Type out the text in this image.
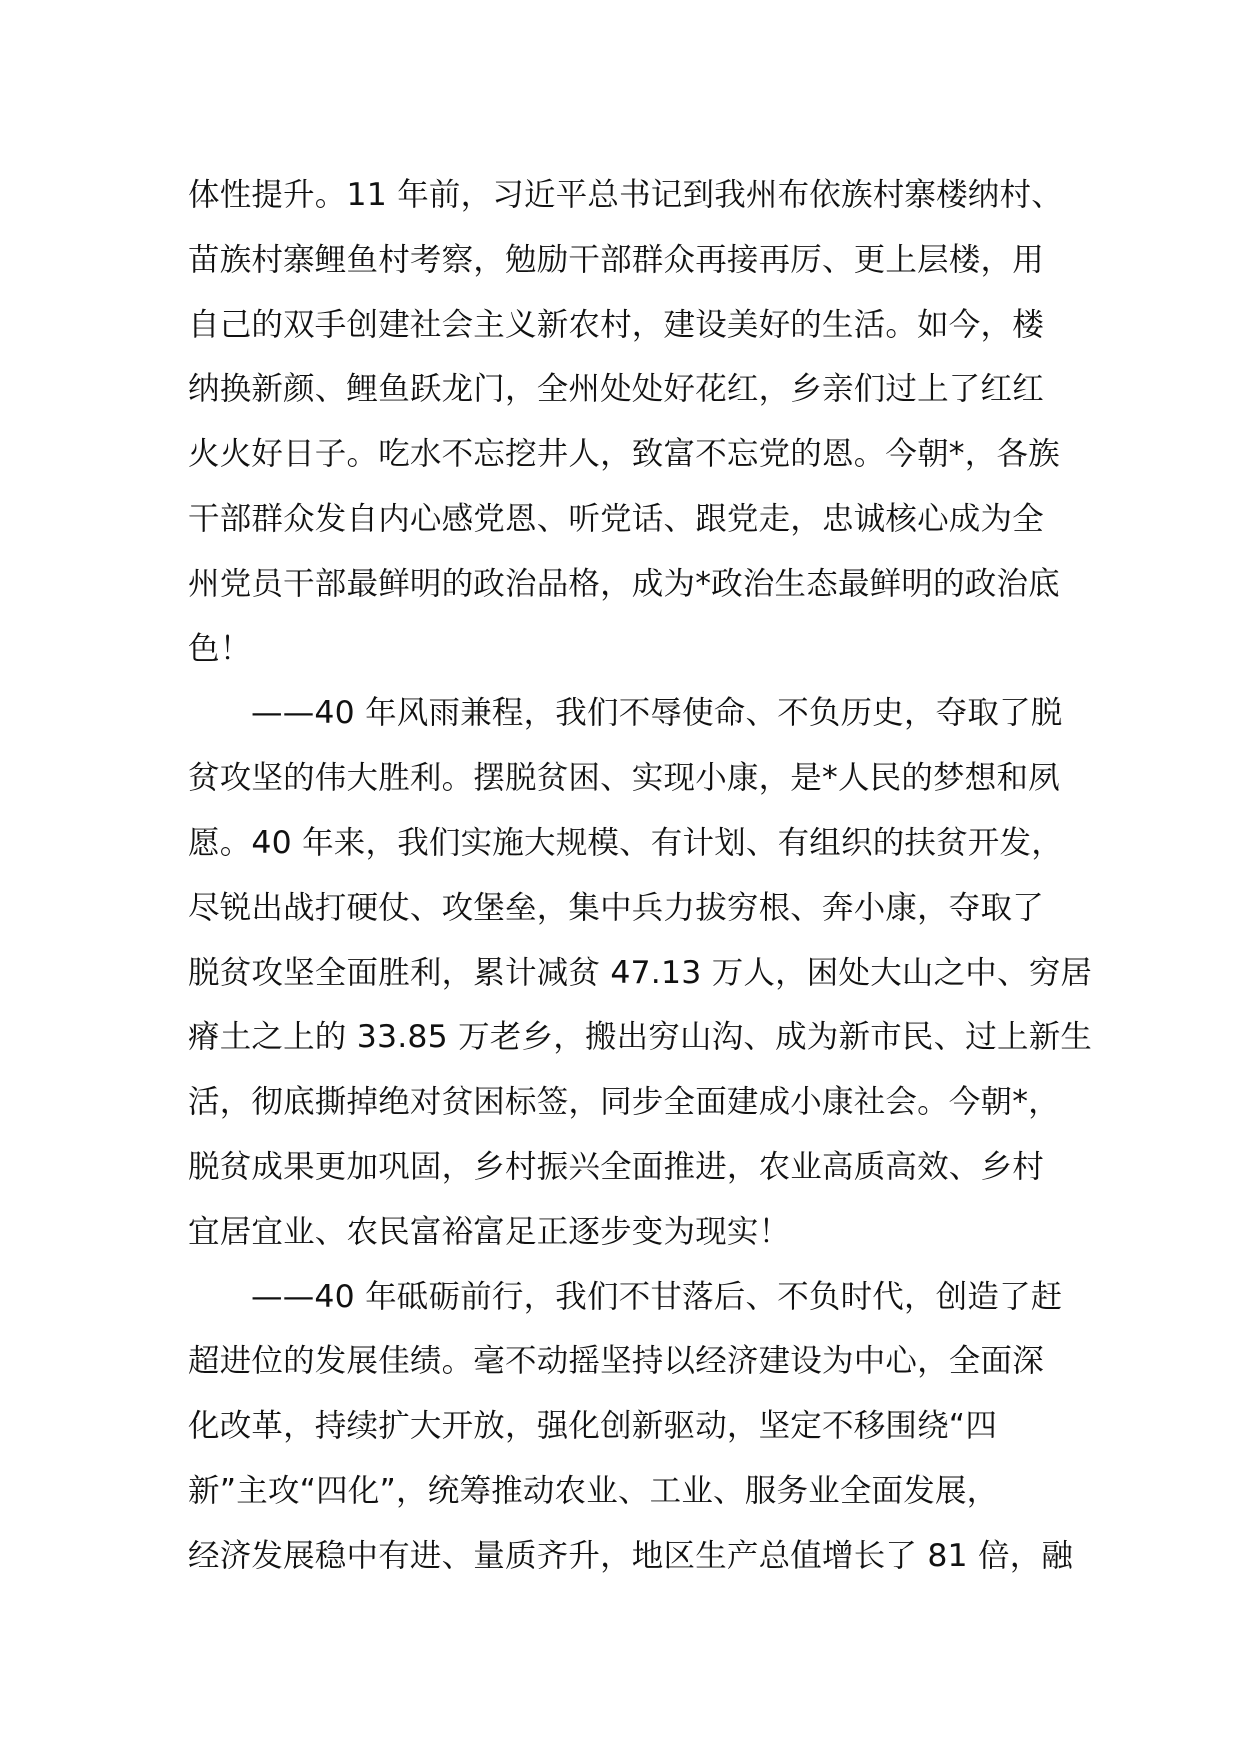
体性提升。11 年前，习近平总书记到我州布依族村寨楼纳村、
苗族村寨鲤鱼村考察，勉励干部群众再接再厉、更上层楼，用
自己的双手创建社会主义新农村，建设美好的生活。如今，楼
纳换新颜、鲤鱼跃龙门，全州处处好花红，乡亲们过上了红红
火火好日子。吃水不忘挖井人，致富不忘党的恩。今朝*，各族
干部群众发自内心感党恩、听党话、跟党走，忠诚核心成为全
州党员干部最鲜明的政治品格，成为*政治生态最鲜明的政治底
色！
——40 年风雨兼程，我们不辱使命、不负历史，夺取了脱
贫攻坚的伟大胜利。摆脱贫困、实现小康，是*人民的梦想和夙
愿。40 年来，我们实施大规模、有计划、有组织的扶贫开发，
尽锐出战打硬仗、攻堡垒，集中兵力拔穷根、奔小康，夺取了
脱贫攻坚全面胜利，累计减贫 47.13 万人，困处大山之中、穷居
瘠土之上的 33.85 万老乡，搬出穷山沟、成为新市民、过上新生
活，彻底撕掉绝对贫困标签，同步全面建成小康社会。今朝*，
脱贫成果更加巩固，乡村振兴全面推进，农业高质高效、乡村
宜居宜业、农民富裕富足正逐步变为现实！
——40 年砥砺前行，我们不甘落后、不负时代，创造了赶
超进位的发展佳绩。毫不动摇坚持以经济建设为中心，全面深
化改革，持续扩大开放，强化创新驱动，坚定不移围绕“四
新”主攻“四化”，统筹推动农业、工业、服务业全面发展，
经济发展稳中有进、量质齐升，地区生产总值增长了 81 倍，融
